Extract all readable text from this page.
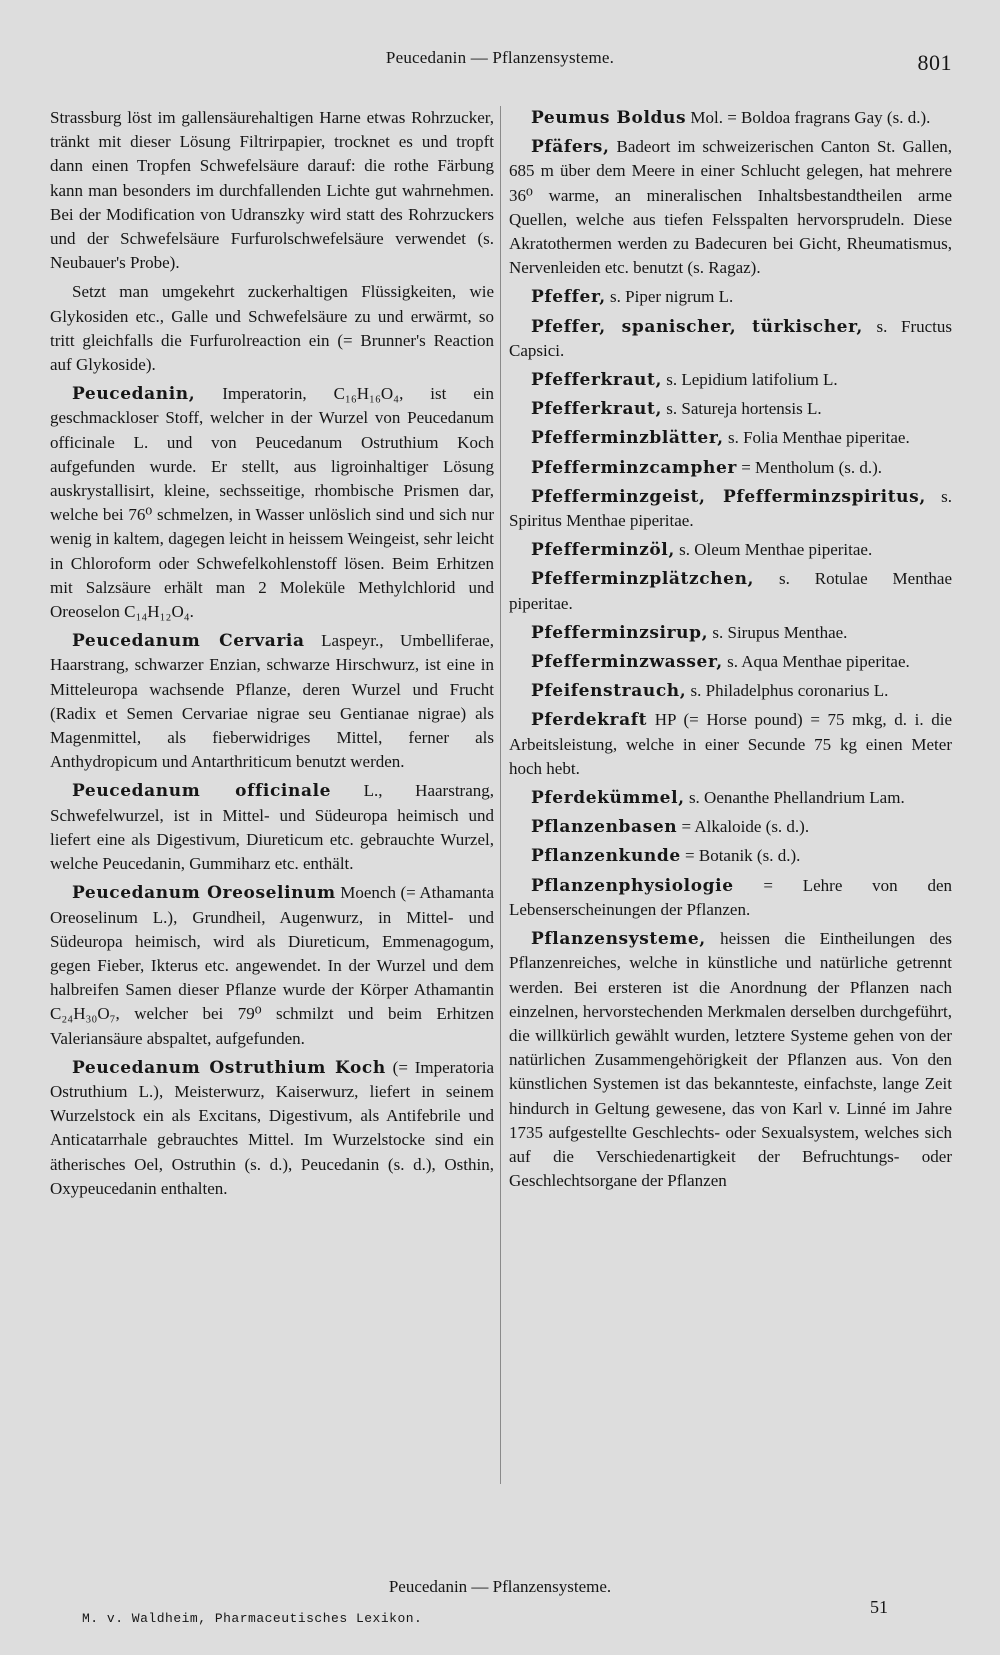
Peucedanin — Pflanzensysteme.	801

Strassburg löst im gallensäurehaltigen Harne etwas Rohrzucker, tränkt mit dieser Lösung Filtrirpapier, trocknet es und tropft dann einen Tropfen Schwefelsäure darauf: die rothe Färbung kann man besonders im durchfallenden Lichte gut wahrnehmen. Bei der Modification von Udranszky wird statt des Rohrzuckers und der Schwefelsäure Furfurolschwefelsäure verwendet (s. Neubauer's Probe).

Setzt man umgekehrt zuckerhaltigen Flüssigkeiten, wie Glykosiden etc., Galle und Schwefelsäure zu und erwärmt, so tritt gleichfalls die Furfurolreaction ein (= Brunner's Reaction auf Glykoside).

Peucedanin, Imperatorin, C₁₆H₁₆O₄, ist ein geschmackloser Stoff, welcher in der Wurzel von Peucedanum officinale L. und von Peucedanum Ostruthium Koch aufgefunden wurde. Er stellt, aus ligroinhaltiger Lösung auskrystallisirt, kleine, sechsseitige, rhombische Prismen dar, welche bei 76⁰ schmelzen, in Wasser unlöslich sind und sich nur wenig in kaltem, dagegen leicht in heissem Weingeist, sehr leicht in Chloroform oder Schwefelkohlenstoff lösen. Beim Erhitzen mit Salzsäure erhält man 2 Moleküle Methylchlorid und Oreoselon C₁₄H₁₂O₄.

Peucedanum Cervaria Laspeyr., Umbelliferae, Haarstrang, schwarzer Enzian, schwarze Hirschwurz, ist eine in Mitteleuropa wachsende Pflanze, deren Wurzel und Frucht (Radix et Semen Cervariae nigrae seu Gentianae nigrae) als Magenmittel, als fieberwidriges Mittel, ferner als Anthydropicum und Antarthriticum benutzt werden.

Peucedanum officinale L., Haarstrang, Schwefelwurzel, ist in Mittel- und Südeuropa heimisch und liefert eine als Digestivum, Diureticum etc. gebrauchte Wurzel, welche Peucedanin, Gummiharz etc. enthält.

Peucedanum Oreoselinum Moench (= Athamanta Oreoselinum L.), Grundheil, Augenwurz, in Mittel- und Südeuropa heimisch, wird als Diureticum, Emmenagogum, gegen Fieber, Ikterus etc. angewendet. In der Wurzel und dem halbreifen Samen dieser Pflanze wurde der Körper Athamantin C₂₄H₃₀O₇, welcher bei 79⁰ schmilzt und beim Erhitzen Valeriansäure abspaltet, aufgefunden.

Peucedanum Ostruthium Koch (= Imperatoria Ostruthium L.), Meisterwurz, Kaiserwurz, liefert in seinem Wurzelstock ein als Excitans, Digestivum, als Antifebrile und Anticatarrhale gebrauchtes Mittel. Im Wurzelstocke sind ein ätherisches Oel, Ostruthin (s. d.), Peucedanin (s. d.), Osthin, Oxypeucedanin enthalten.

Peumus Boldus Mol. = Boldoa fragrans Gay (s. d.).

Pfäfers, Badeort im schweizerischen Canton St. Gallen, 685 m über dem Meere in einer Schlucht gelegen, hat mehrere 36⁰ warme, an mineralischen Inhaltsbestandtheilen arme Quellen, welche aus tiefen Felsspalten hervorsprudeln. Diese Akratothermen werden zu Badecuren bei Gicht, Rheumatismus, Nervenleiden etc. benutzt (s. Ragaz).

Pfeffer, s. Piper nigrum L.

Pfeffer, spanischer, türkischer, s. Fructus Capsici.

Pfefferkraut, s. Lepidium latifolium L.

Pfefferkraut, s. Satureja hortensis L.

Pfefferminzblätter, s. Folia Menthae piperitae.

Pfefferminzcampher = Mentholum (s. d.).

Pfefferminzgeist, Pfefferminzspiritus, s. Spiritus Menthae piperitae.

Pfefferminzöl, s. Oleum Menthae piperitae.

Pfefferminzplätzchen, s. Rotulae Menthae piperitae.

Pfefferminzsirup, s. Sirupus Menthae.

Pfefferminzwasser, s. Aqua Menthae piperitae.

Pfeifenstrauch, s. Philadelphus coronarius L.

Pferdekraft HP (= Horse pound) = 75 mkg, d. i. die Arbeitsleistung, welche in einer Secunde 75 kg einen Meter hoch hebt.

Pferdekümmel, s. Oenanthe Phellandrium Lam.

Pflanzenbasen = Alkaloide (s. d.).

Pflanzenkunde = Botanik (s. d.).

Pflanzenphysiologie = Lehre von den Lebenserscheinungen der Pflanzen.

Pflanzensysteme, heissen die Eintheilungen des Pflanzenreiches, welche in künstliche und natürliche getrennt werden. Bei ersteren ist die Anordnung der Pflanzen nach einzelnen, hervorstechenden Merkmalen derselben durchgeführt, die willkürlich gewählt wurden, letztere Systeme gehen von der natürlichen Zusammengehörigkeit der Pflanzen aus. Von den künstlichen Systemen ist das bekannteste, einfachste, lange Zeit hindurch in Geltung gewesene, das von Karl v. Linné im Jahre 1735 aufgestellte Geschlechts- oder Sexualsystem, welches sich auf die Verschiedenartigkeit der Befruchtungs- oder Geschlechtsorgane der Pflanzen

Peucedanin — Pflanzensysteme.
M. v. Waldheim, Pharmaceutisches Lexikon.
51
